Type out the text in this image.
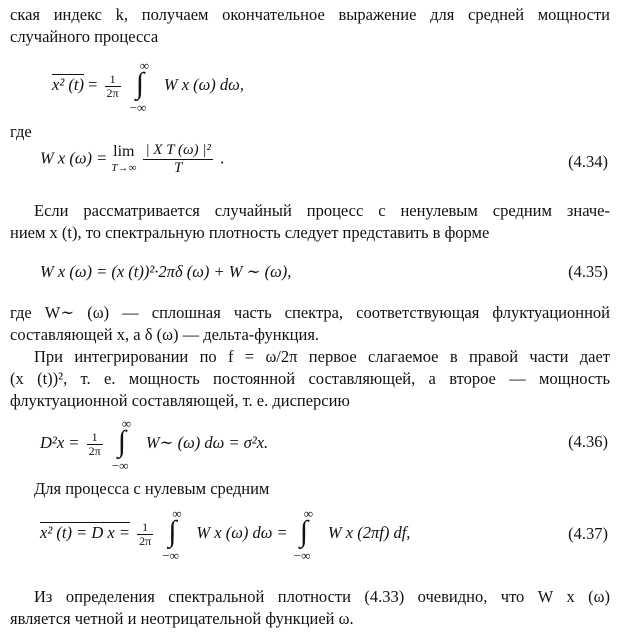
ская индекс k, получаем окончательное выражение для средней мощности
случайного процесса
x² $(t) = \frac{1}{2\pi}$

∞
∫
−∞
W x (ω) dω,
где
W x (ω) = lim
T→∞
$\frac{\text{| X T (ω) |²}}{T}$ .	(4.34)
Если рассматривается случайный процесс с ненулевым средним значе-
нием x (t), то спектральную плотность следует представить в форме
W x (ω) = (x (t))²·2πδ (ω) + W ∼ (ω),	(4.35)
где W∼ (ω) — сплошная часть спектра, соответствующая флуктуационной
составляющей x, а δ (ω) — дельта-функция.
При интегрировании по f = ω/2π первое слагаемое в правой части дает
(x (t))², т. е. мощность постоянной составляющей, а второе — мощность
флуктуационной составляющей, т. е. дисперсию
$D^2x = \frac{1}{2\pi}$

∞
∫
−∞
W∼ (ω) dω = σ²x.	(4.36)
Для процесса с нулевым средним
x² (t) = D $x = \frac{1}{2\pi}$

∞
∫
−∞
W x (ω) dω =
∞
∫
−∞
W x (2πf) df,	(4.37)
Из определения спектральной плотности (4.33) очевидно, что W x (ω)
является четной и неотрицательной функцией ω.
